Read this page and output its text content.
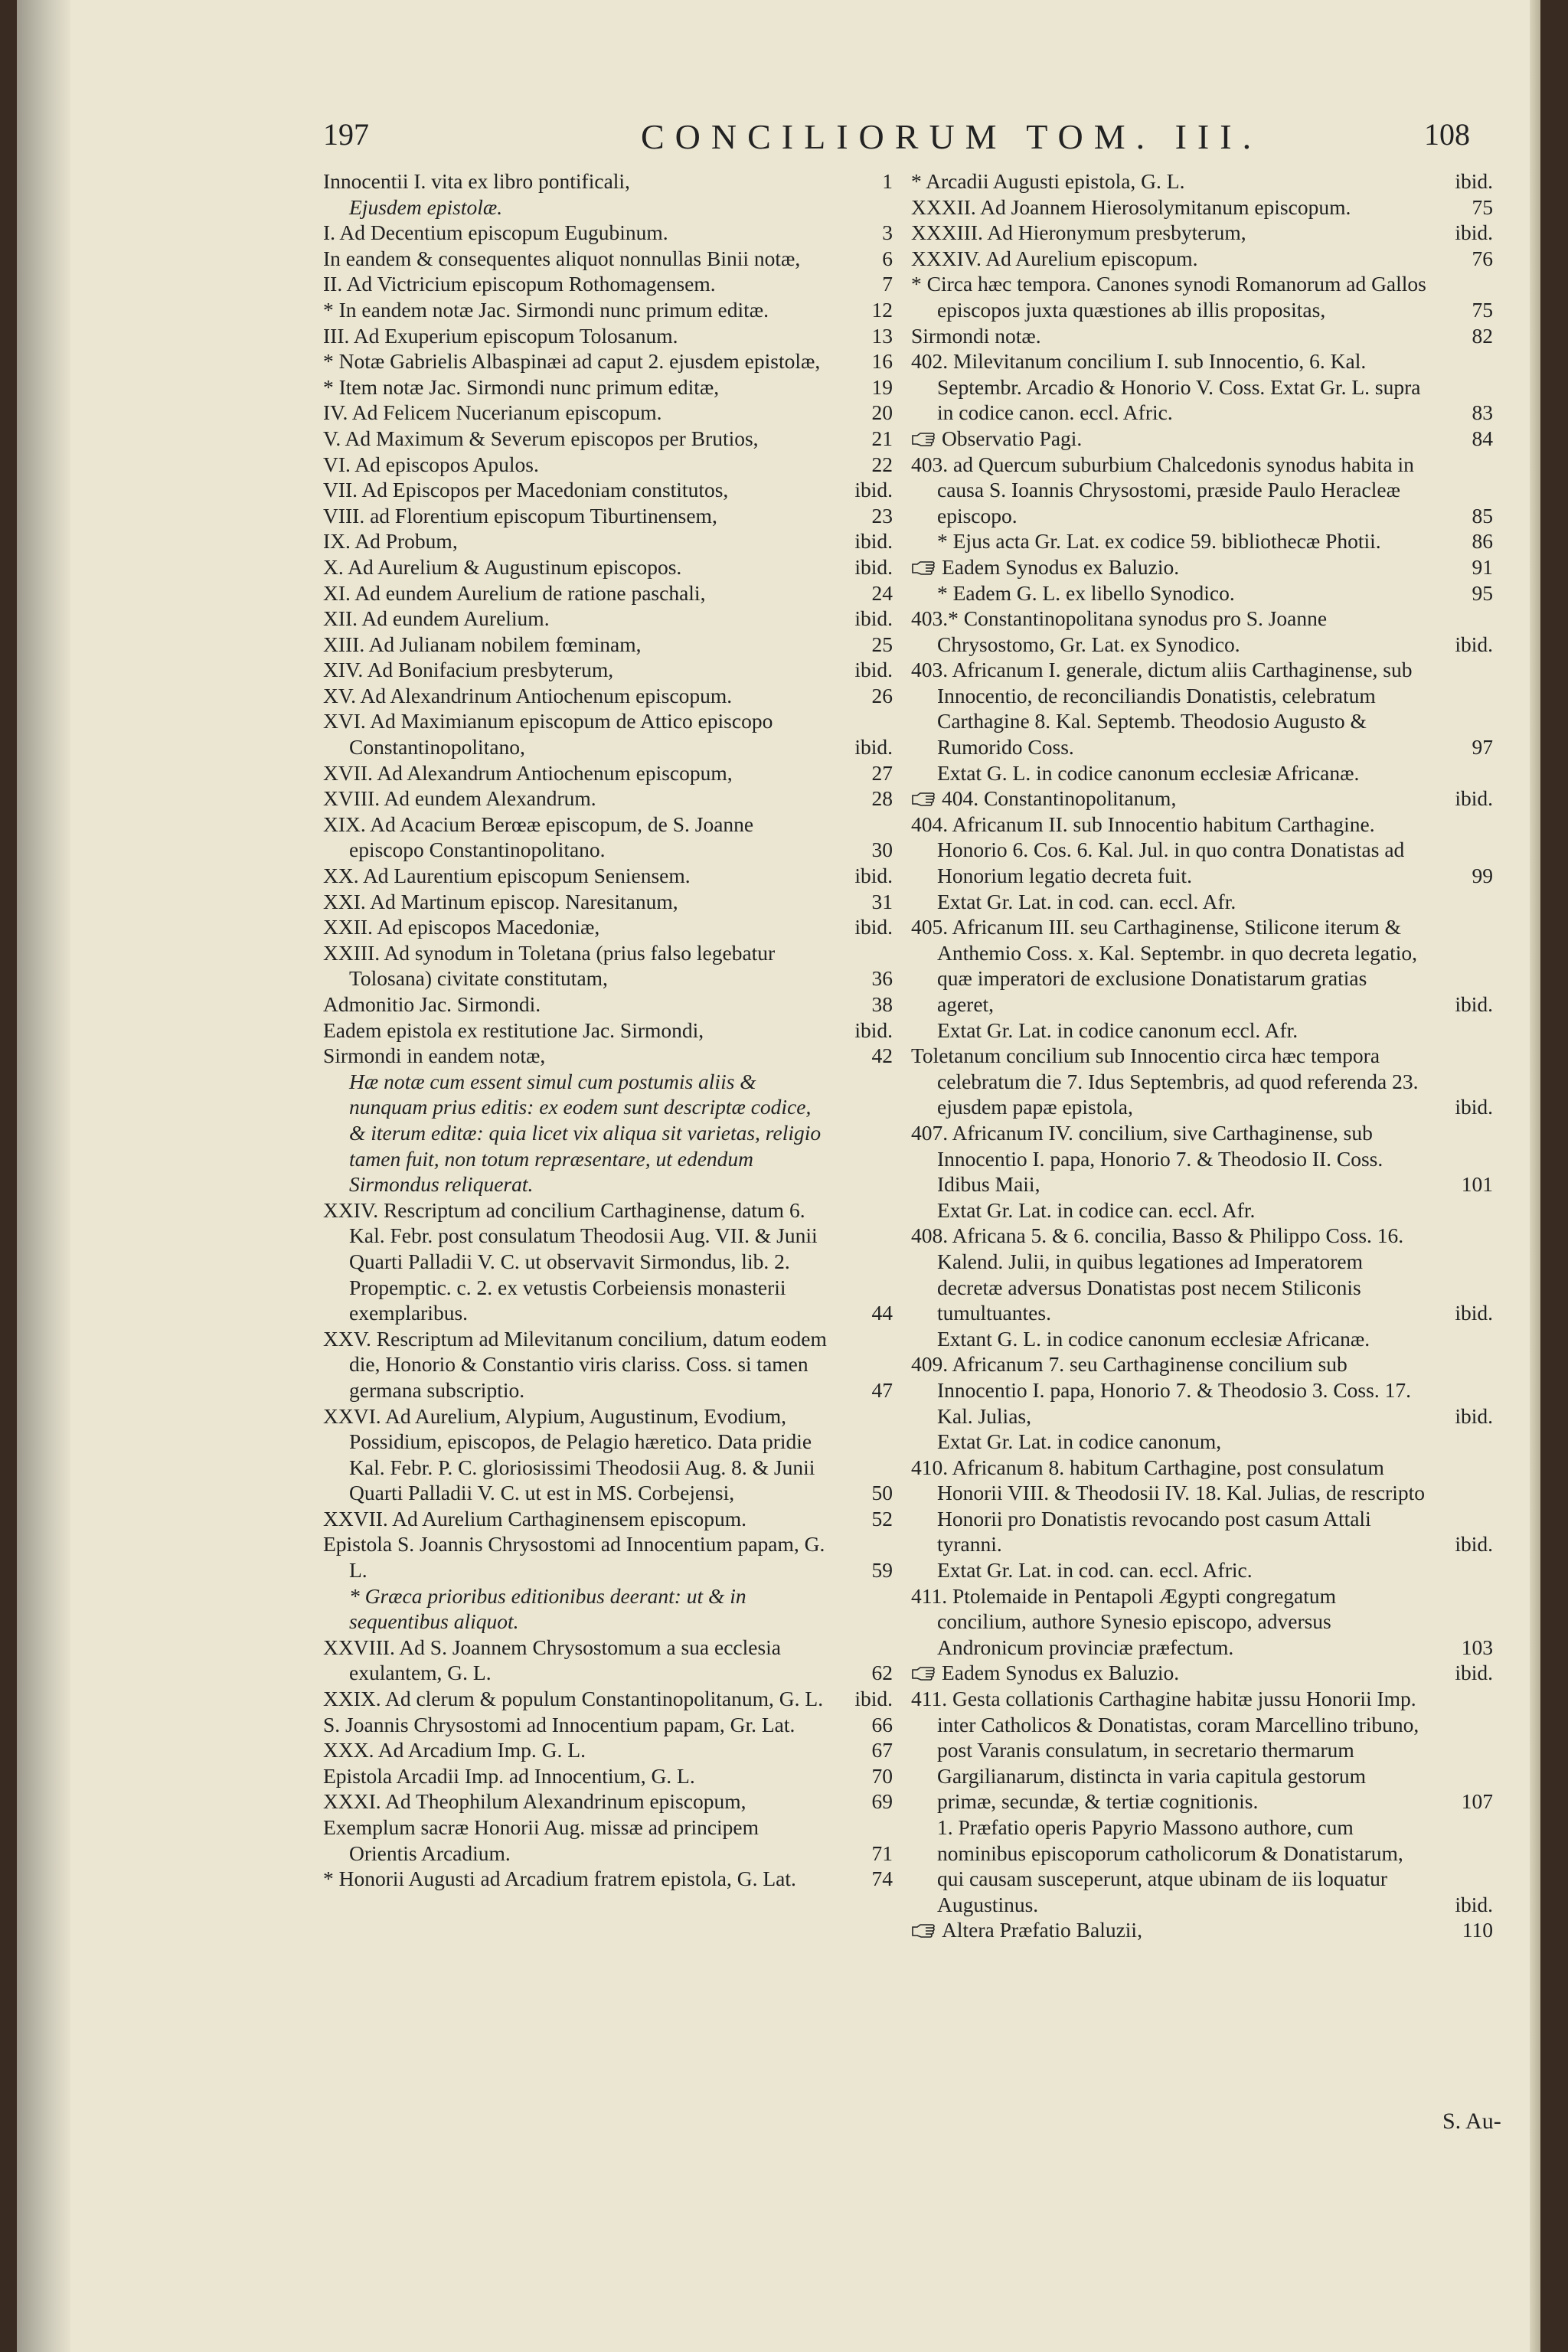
197	CONCILIORUM TOM. III.	108
Innocentii I. vita ex libro pontificali,	1
Ejusdem epistolæ.
I. Ad Decentium episcopum Eugubinum.	3
In eandem & consequentes aliquot nonnullas Binii notæ,	6
II. Ad Victricium episcopum Rothomagensem.	7
* In eandem notæ Jac. Sirmondi nunc primum editæ.	12
III. Ad Exuperium episcopum Tolosanum.	13
* Notæ Gabrielis Albaspinæi ad caput 2. ejusdem epistolæ,	16
* Item notæ Jac. Sirmondi nunc primum editæ,	19
IV. Ad Felicem Nucerianum episcopum.	20
V. Ad Maximum & Severum episcopos per Brutios,	21
VI. Ad episcopos Apulos.	22
VII. Ad Episcopos per Macedoniam constitutos,	ibid.
VIII. ad Florentium episcopum Tiburtinensem,	23
IX. Ad Probum,	ibid.
X. Ad Aurelium & Augustinum episcopos.	ibid.
XI. Ad eundem Aurelium de ratione paschali,	24
XII. Ad eundem Aurelium.	ibid.
XIII. Ad Julianam nobilem fœminam,	25
XIV. Ad Bonifacium presbyterum,	ibid.
XV. Ad Alexandrinum Antiochenum episcopum.	26
XVI. Ad Maximianum episcopum de Attico episcopo Constantinopolitano,	ibid.
XVII. Ad Alexandrum Antiochenum episcopum,	27
XVIII. Ad eundem Alexandrum.	28
XIX. Ad Acacium Berœæ episcopum, de S. Joanne episcopo Constantinopolitano.	30
XX. Ad Laurentium episcopum Seniensem.	ibid.
XXI. Ad Martinum episcop. Naresitanum,	31
XXII. Ad episcopos Macedoniæ,	ibid.
XXIII. Ad synodum in Toletana (prius falso legebatur Tolosana) civitate constitutam,	36
Admonitio Jac. Sirmondi.	38
Eadem epistola ex restitutione Jac. Sirmondi,	ibid.
Sirmondi in eandem notæ,	42
Hæ notæ cum essent simul cum postumis aliis & nunquam prius editis: ex eodem sunt descriptæ codice, & iterum editæ: quia licet vix aliqua sit varietas, religio tamen fuit, non totum repræsentare, ut edendum Sirmondus reliquerat.
XXIV. Rescriptum ad concilium Carthaginense, datum 6. Kal. Febr. post consulatum Theodosii Aug. VII. & Junii Quarti Palladii V. C. ut observavit Sirmondus, lib. 2. Propemptic. c. 2. ex vetustis Corbeiensis monasterii exemplaribus.	44
XXV. Rescriptum ad Milevitanum concilium, datum eodem die, Honorio & Constantio viris clariss. Coss. si tamen germana subscriptio.	47
XXVI. Ad Aurelium, Alypium, Augustinum, Evodium, Possidium, episcopos, de Pelagio hæretico. Data pridie Kal. Febr. P. C. gloriosissimi Theodosii Aug. 8. & Junii Quarti Palladii V. C. ut est in MS. Corbejensi,	50
XXVII. Ad Aurelium Carthaginensem episcopum.	52
Epistola S. Joannis Chrysostomi ad Innocentium papam, G. L.	59
* Græca prioribus editionibus deerant: ut & in sequentibus aliquot.
XXVIII. Ad S. Joannem Chrysostomum a sua ecclesia exulantem, G. L.	62
XXIX. Ad clerum & populum Constantinopolitanum, G. L.	ibid.
S. Joannis Chrysostomi ad Innocentium papam, Gr. Lat.	66
XXX. Ad Arcadium Imp. G. L.	67
Epistola Arcadii Imp. ad Innocentium, G. L.	70
XXXI. Ad Theophilum Alexandrinum episcopum,	69
Exemplum sacræ Honorii Aug. missæ ad principem Orientis Arcadium.	71
* Honorii Augusti ad Arcadium fratrem epistola, G. Lat.	74
* Arcadii Augusti epistola, G. L.	ibid.
XXXII. Ad Joannem Hierosolymitanum episcopum.	75
XXXIII. Ad Hieronymum presbyterum,	ibid.
XXXIV. Ad Aurelium episcopum.	76
* Circa hæc tempora. Canones synodi Romanorum ad Gallos episcopos juxta quæstiones ab illis propositas,	75
Sirmondi notæ.	82
402. Milevitanum concilium I. sub Innocentio, 6. Kal. Septembr. Arcadio & Honorio V. Coss. Extat Gr. L. supra in codice canon. eccl. Afric.	83
Observatio Pagi.	84
403. ad Quercum suburbium Chalcedonis synodus habita in causa S. Ioannis Chrysostomi, præside Paulo Heracleæ episcopo.	85
* Ejus acta Gr. Lat. ex codice 59. bibliothecæ Photii.	86
Eadem Synodus ex Baluzio.	91
* Eadem G. L. ex libello Synodico.	95
403.* Constantinopolitana synodus pro S. Joanne Chrysostomo, Gr. Lat. ex Synodico.	ibid.
403. Africanum I. generale, dictum aliis Carthaginense, sub Innocentio, de reconciliandis Donatistis, celebratum Carthagine 8. Kal. Septemb. Theodosio Augusto & Rumorido Coss.	97
Extat G. L. in codice canonum ecclesiæ Africanæ.
404. Constantinopolitanum,	ibid.
404. Africanum II. sub Innocentio habitum Carthagine. Honorio 6. Cos. 6. Kal. Jul. in quo contra Donatistas ad Honorium legatio decreta fuit.	99
Extat Gr. Lat. in cod. can. eccl. Afr.
405. Africanum III. seu Carthaginense, Stilicone iterum & Anthemio Coss. x. Kal. Septembr. in quo decreta legatio, quæ imperatori de exclusione Donatistarum gratias ageret,	ibid.
Extat Gr. Lat. in codice canonum eccl. Afr.
Toletanum concilium sub Innocentio circa hæc tempora celebratum die 7. Idus Septembris, ad quod referenda 23. ejusdem papæ epistola,	ibid.
407. Africanum IV. concilium, sive Carthaginense, sub Innocentio I. papa, Honorio 7. & Theodosio II. Coss. Idibus Maii,	101
Extat Gr. Lat. in codice can. eccl. Afr.
408. Africana 5. & 6. concilia, Basso & Philippo Coss. 16. Kalend. Julii, in quibus legationes ad Imperatorem decretæ adversus Donatistas post necem Stiliconis tumultuantes.	ibid.
Extant G. L. in codice canonum ecclesiæ Africanæ.
409. Africanum 7. seu Carthaginense concilium sub Innocentio I. papa, Honorio 7. & Theodosio 3. Coss. 17. Kal. Julias,	ibid.
Extat Gr. Lat. in codice canonum,
410. Africanum 8. habitum Carthagine, post consulatum Honorii VIII. & Theodosii IV. 18. Kal. Julias, de rescripto Honorii pro Donatistis revocando post casum Attali tyranni.	ibid.
Extat Gr. Lat. in cod. can. eccl. Afric.
411. Ptolemaide in Pentapoli Ægypti congregatum concilium, authore Synesio episcopo, adversus Andronicum provinciæ præfectum.	103
Eadem Synodus ex Baluzio.	ibid.
411. Gesta collationis Carthagine habitæ jussu Honorii Imp. inter Catholicos & Donatistas, coram Marcellino tribuno, post Varanis consulatum, in secretario thermarum Gargilianarum, distincta in varia capitula gestorum primæ, secundæ, & tertiæ cognitionis.	107
1. Præfatio operis Papyrio Massono authore, cum nominibus episcoporum catholicorum & Donatistarum, qui causam susceperunt, atque ubinam de iis loquatur Augustinus.	ibid.
Altera Præfatio Baluzii,	110
S. Au-
